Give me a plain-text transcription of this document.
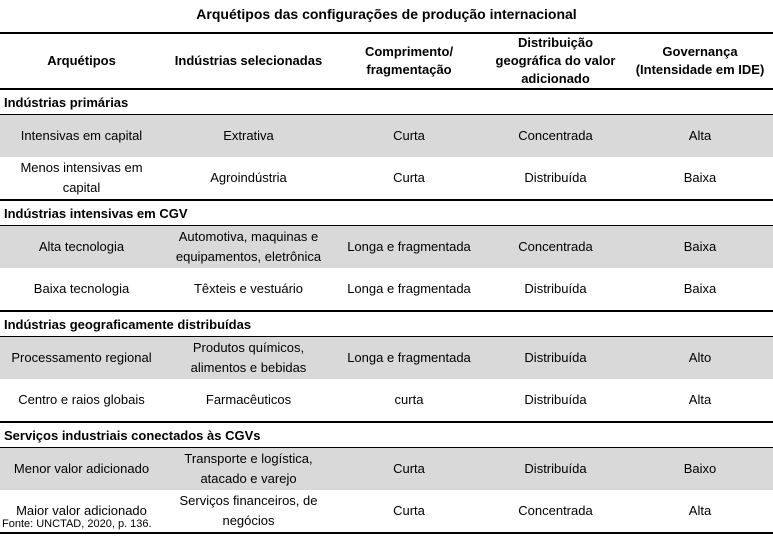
Arquétipos das configurações de produção internacional
Arquétipos	Indústrias selecionadas	Comprimento/ fragmentação	Distribuição geográfica do valor adicionado	Governança (Intensidade em IDE)
Indústrias primárias				
Intensivas em capital	Extrativa	Curta	Concentrada	Alta
Menos intensivas em capital	Agroindústria	Curta	Distribuída	Baixa
Indústrias intensivas em CGV				
Alta tecnologia	Automotiva, maquinas e equipamentos, eletrônica	Longa e fragmentada	Concentrada	Baixa
Baixa tecnologia	Têxteis e vestuário	Longa e fragmentada	Distribuída	Baixa
Indústrias geograficamente distribuídas				
Processamento regional	Produtos químicos, alimentos e bebidas	Longa e fragmentada	Distribuída	Alto
Centro e raios globais	Farmacêuticos	curta	Distribuída	Alta
Serviços industriais conectados às CGVs				
Menor valor adicionado	Transporte e logística, atacado e varejo	Curta	Distribuída	Baixo
Maior valor adicionado	Serviços financeiros, de negócios	Curta	Concentrada	Alta
Fonte: UNCTAD, 2020, p. 136.
